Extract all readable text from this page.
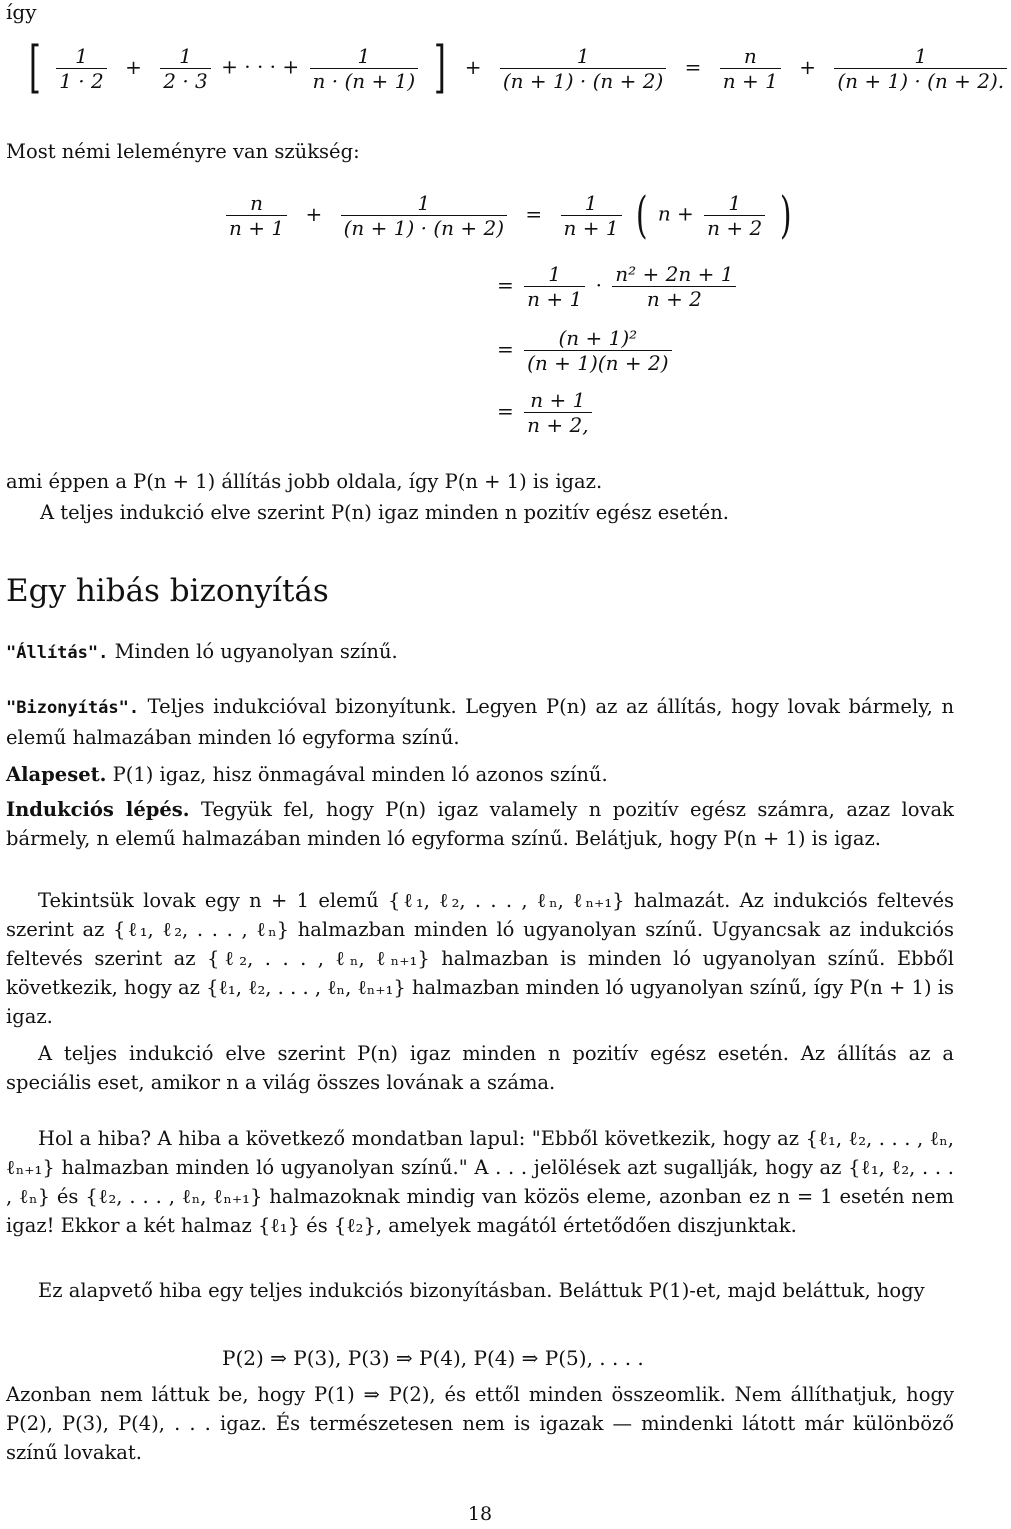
így
[ $\frac{1}{1 \cdot 2} + \frac{1}{2 \cdot 3}$ + · · · + $\frac{1}{n \cdot (n + 1)}$ ] + $\frac{1}{(n + 1) \cdot (n + 2)} = \frac{n}{n + 1} + \frac{1}{(n + 1) \cdot (n + 2).}$
Most némi leleményre van szükség:
$\frac{n}{n + 1} + \frac{1}{(n + 1) \cdot (n + 2)} = \frac{1}{n + 1}$ ( $n + \frac{1}{n + 2}$ )
= $\frac{1}{n + 1} \cdot \frac{\text{n² + 2n + 1}}{n + 2}$
= $\frac{\text{(n + 1)²}}{(n + 1)(n + 2)}$
= $\frac{n + 1}{n + 2,}$
ami éppen a P(n + 1) állítás jobb oldala, így P(n + 1) is igaz.
A teljes indukció elve szerint P(n) igaz minden n pozitív egész esetén.
Egy hibás bizonyítás
"Állítás". Minden ló ugyanolyan színű.
"Bizonyítás". Teljes indukcióval bizonyítunk. Legyen P(n) az az állítás, hogy lovak bármely, n elemű halmazában minden ló egyforma színű.
Alapeset. P(1) igaz, hisz önmagával minden ló azonos színű.
Indukciós lépés. Tegyük fel, hogy P(n) igaz valamely n pozitív egész számra, azaz lovak bármely, n elemű halmazában minden ló egyforma színű. Belátjuk, hogy P(n + 1) is igaz.
Tekintsük lovak egy n + 1 elemű {ℓ₁, ℓ₂, . . . , ℓₙ, ℓₙ₊₁} halmazát. Az indukciós feltevés szerint az {ℓ₁, ℓ₂, . . . , ℓₙ} halmazban minden ló ugyanolyan színű. Ugyancsak az indukciós feltevés szerint az {ℓ₂, . . . , ℓₙ, ℓₙ₊₁} halmazban is minden ló ugyanolyan színű. Ebből következik, hogy az {ℓ₁, ℓ₂, . . . , ℓₙ, ℓₙ₊₁} halmazban minden ló ugyanolyan színű, így P(n + 1) is igaz.
A teljes indukció elve szerint P(n) igaz minden n pozitív egész esetén. Az állítás az a speciális eset, amikor n a világ összes lovának a száma.
Hol a hiba? A hiba a következő mondatban lapul: "Ebből következik, hogy az {ℓ₁, ℓ₂, . . . , ℓₙ, ℓₙ₊₁} halmazban minden ló ugyanolyan színű." A . . . jelölések azt sugallják, hogy az {ℓ₁, ℓ₂, . . . , ℓₙ} és {ℓ₂, . . . , ℓₙ, ℓₙ₊₁} halmazoknak mindig van közös eleme, azonban ez n = 1 esetén nem igaz! Ekkor a két halmaz {ℓ₁} és {ℓ₂}, amelyek magától értetődően diszjunktak.
Ez alapvető hiba egy teljes indukciós bizonyításban. Beláttuk P(1)-et, majd beláttuk, hogy
P(2) ⇒ P(3), P(3) ⇒ P(4), P(4) ⇒ P(5), . . . .
Azonban nem láttuk be, hogy P(1) ⇒ P(2), és ettől minden összeomlik. Nem állíthatjuk, hogy P(2), P(3), P(4), . . . igaz. És természetesen nem is igazak — mindenki látott már különböző színű lovakat.
18
